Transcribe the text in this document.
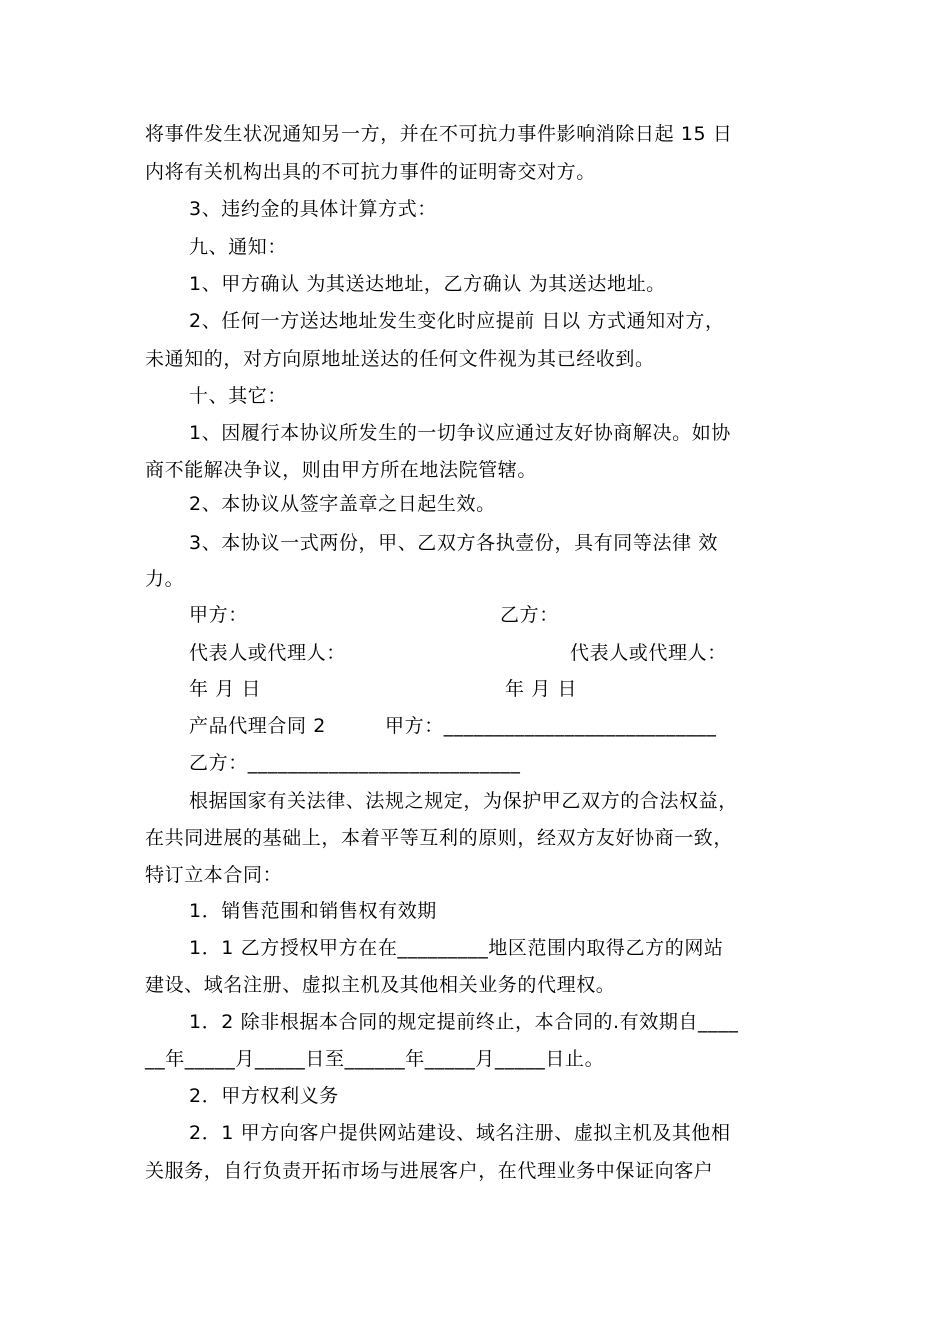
将事件发生状况通知另一方，并在不可抗力事件影响消除日起 15 日
内将有关机构出具的不可抗力事件的证明寄交对方。
3、违约金的具体计算方式：
九、通知：
1、甲方确认 为其送达地址，乙方确认 为其送达地址。
2、任何一方送达地址发生变化时应提前 日以 方式通知对方，
未通知的，对方向原地址送达的任何文件视为其已经收到。
十、其它：
1、因履行本协议所发生的一切争议应通过友好协商解决。如协
商不能解决争议，则由甲方所在地法院管辖。
2、本协议从签字盖章之日起生效。
3、本协议一式两份，甲、乙双方各执壹份，具有同等法律 效
力。
甲方：	乙方：
代表人或代理人：	代表人或代理人：
年 月 日	年 月 日
产品代理合同 2	甲方：___________________________
乙方：___________________________
根据国家有关法律、法规之规定，为保护甲乙双方的合法权益，
在共同进展的基础上，本着平等互利的原则，经双方友好协商一致，
特订立本合同：
1．销售范围和销售权有效期
1．1 乙方授权甲方在在_________地区范围内取得乙方的网站
建设、域名注册、虚拟主机及其他相关业务的代理权。
1．2 除非根据本合同的规定提前终止，本合同的.有效期自____
__年_____月_____日至______年_____月_____日止。
2．甲方权利义务
2．1 甲方向客户提供网站建设、域名注册、虚拟主机及其他相
关服务，自行负责开拓市场与进展客户，在代理业务中保证向客户
